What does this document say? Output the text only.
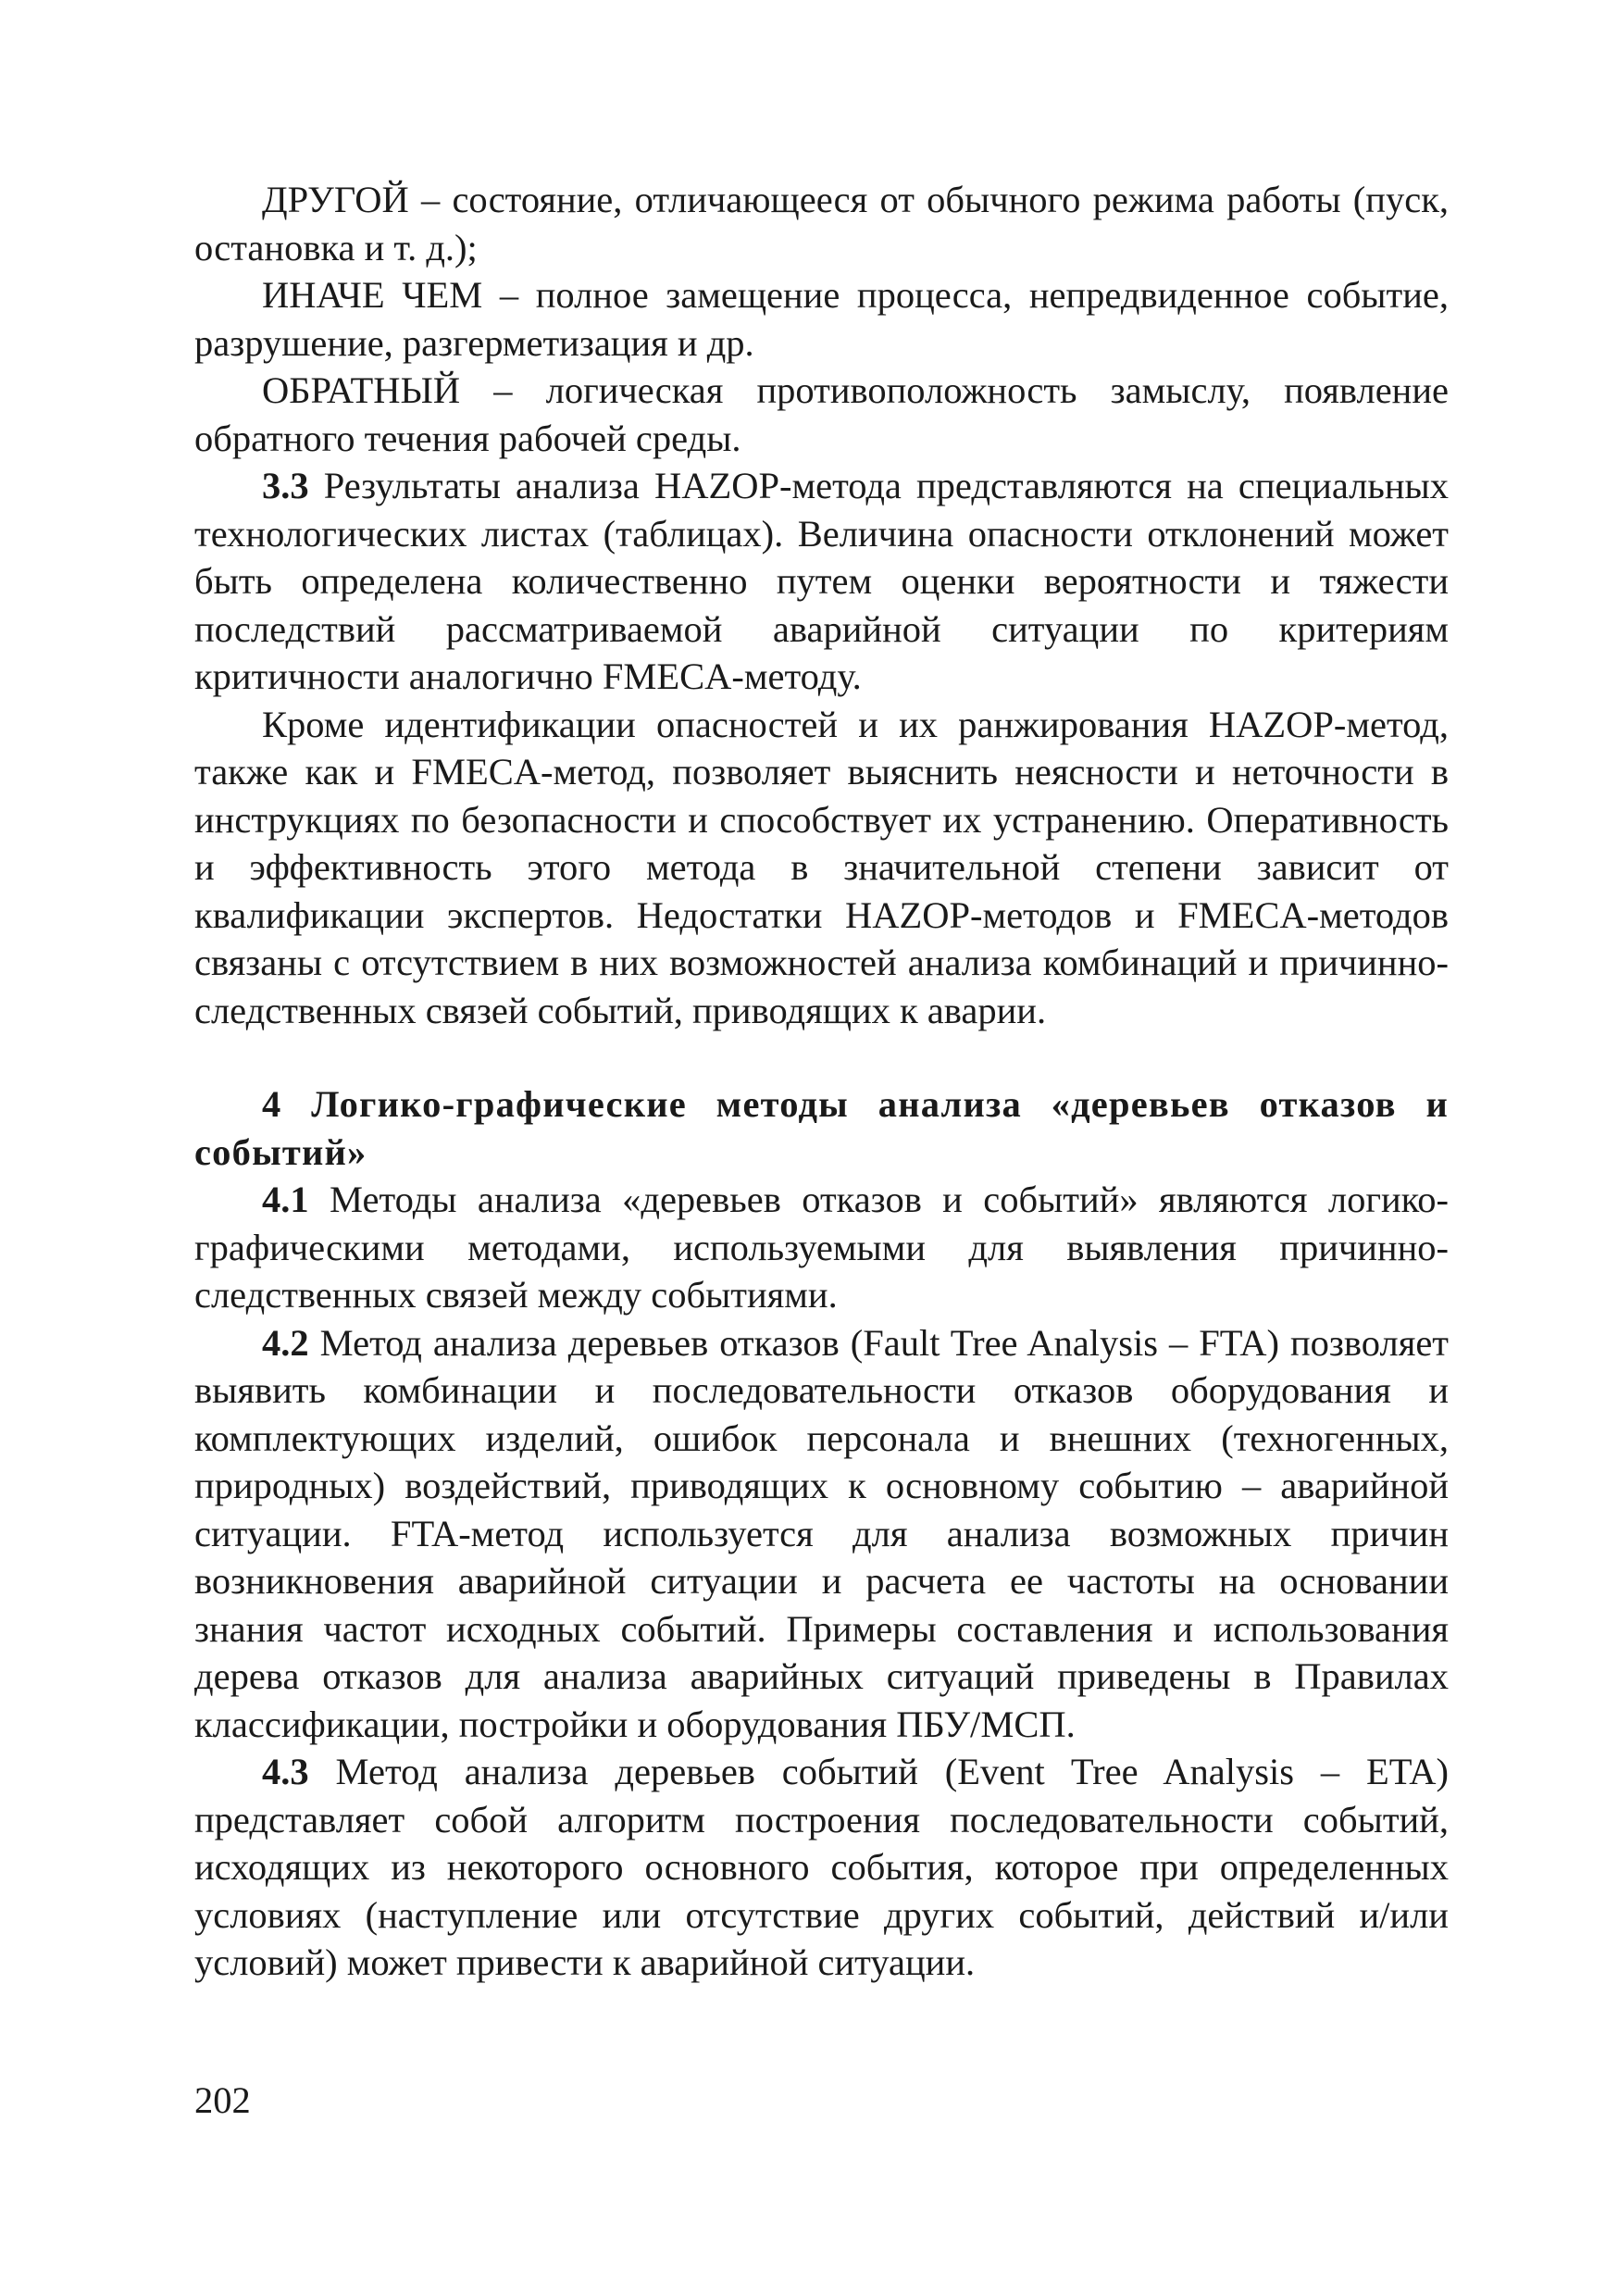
ДРУГОЙ – состояние, отличающееся от обычного режима работы (пуск, остановка и т. д.);

ИНАЧЕ ЧЕМ – полное замещение процесса, непредвиденное событие, разрушение, разгерметизация и др.

ОБРАТНЫЙ – логическая противоположность замыслу, появление обратного течения рабочей среды.

3.3 Результаты анализа HAZOP-метода представляются на специальных технологических листах (таблицах). Величина опасности отклонений может быть определена количественно путем оценки вероятности и тяжести последствий рассматриваемой аварийной ситуации по критериям критичности аналогично FMECA-методу.

Кроме идентификации опасностей и их ранжирования HAZOP-метод, также как и FMECA-метод, позволяет выяснить неясности и неточности в инструкциях по безопасности и способствует их устранению. Оперативность и эффективность этого метода в значительной степени зависит от квалификации экспертов. Недостатки HAZOP-методов и FMECA-методов связаны с отсутствием в них возможностей анализа комбинаций и причинно-следственных связей событий, приводящих к аварии.

4 Логико-графические методы анализа «деревьев отказов и событий»

4.1 Методы анализа «деревьев отказов и событий» являются логико-графическими методами, используемыми для выявления причинно-следственных связей между событиями.

4.2 Метод анализа деревьев отказов (Fault Tree Analysis – FTA) позволяет выявить комбинации и последовательности отказов оборудования и комплектующих изделий, ошибок персонала и внешних (техногенных, природных) воздействий, приводящих к основному событию – аварийной ситуации. FTA-метод используется для анализа возможных причин возникновения аварийной ситуации и расчета ее частоты на основании знания частот исходных событий. Примеры составления и использования дерева отказов для анализа аварийных ситуаций приведены в Правилах классификации, постройки и оборудования ПБУ/МСП.

4.3 Метод анализа деревьев событий (Event Tree Analysis – ETA) представляет собой алгоритм построения последовательности событий, исходящих из некоторого основного события, которое при определенных условиях (наступление или отсутствие других событий, действий и/или условий) может привести к аварийной ситуации.

202
